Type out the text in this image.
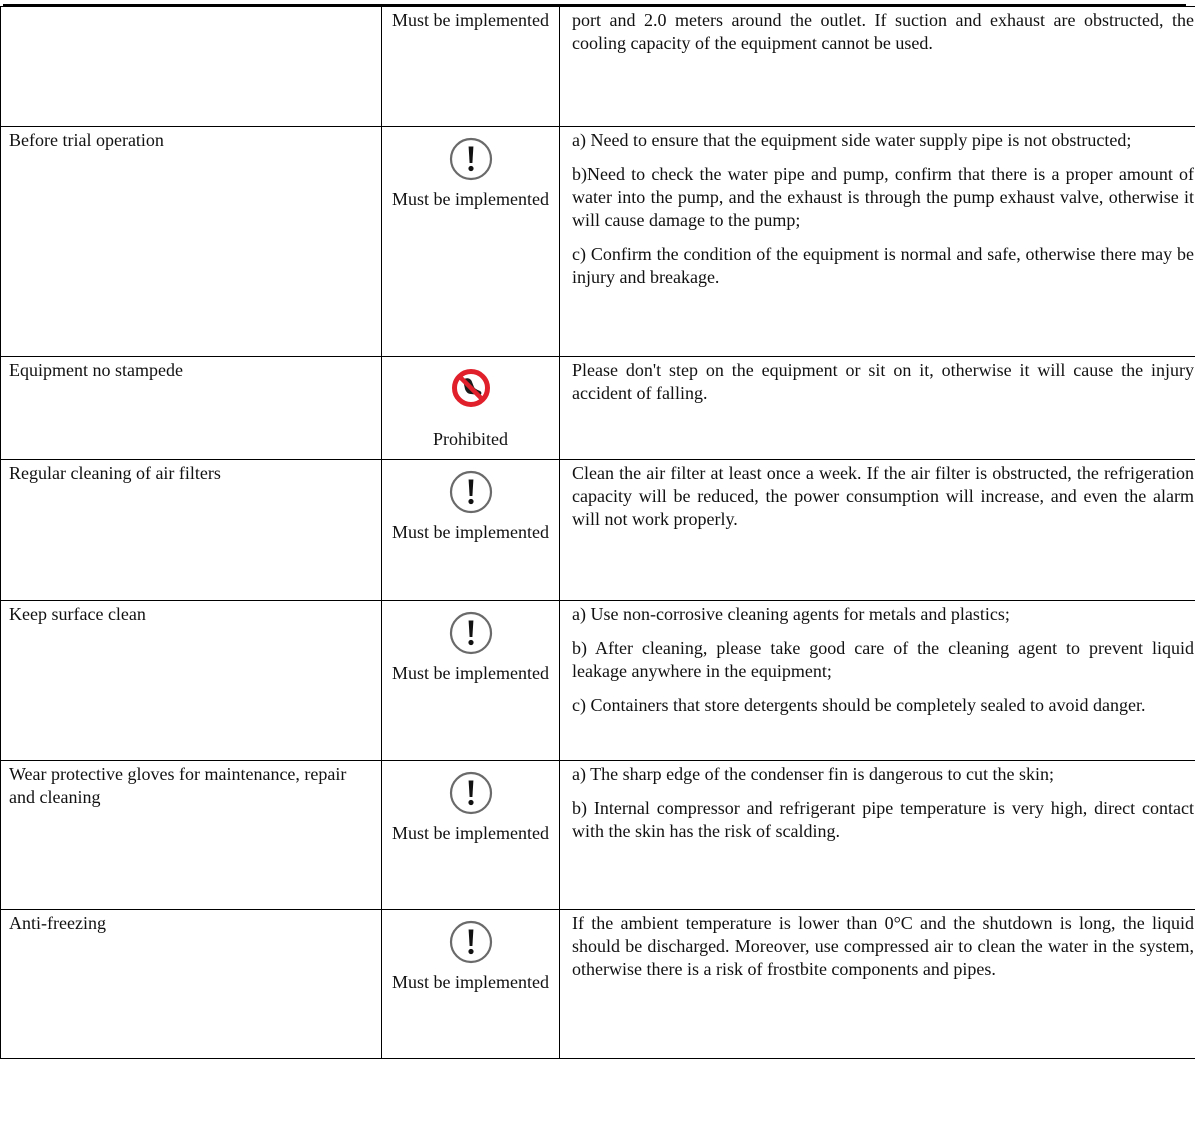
	Must be implemented	port and 2.0 meters around the outlet. If suction and exhaust are obstructed, the cooling capacity of the equipment cannot be used.

Before trial operation	Must be implemented	a) Need to ensure that the equipment side water supply pipe is not obstructed;

b)Need to check the water pipe and pump, confirm that there is a proper amount of water into the pump, and the exhaust is through the pump exhaust valve, otherwise it will cause damage to the pump;

c) Confirm the condition of the equipment is normal and safe, otherwise there may be injury and breakage.

Equipment no stampede	Prohibited	Please don't step on the equipment or sit on it, otherwise it will cause the injury accident of falling.

Regular cleaning of air filters	Must be implemented	Clean the air filter at least once a week. If the air filter is obstructed, the refrigeration capacity will be reduced, the power consumption will increase, and even the alarm will not work properly.

Keep surface clean	Must be implemented	a) Use non-corrosive cleaning agents for metals and plastics;

b) After cleaning, please take good care of the cleaning agent to prevent liquid leakage anywhere in the equipment;

c) Containers that store detergents should be completely sealed to avoid danger.

Wear protective gloves for maintenance, repair and cleaning	Must be implemented	a) The sharp edge of the condenser fin is dangerous to cut the skin;

b) Internal compressor and refrigerant pipe temperature is very high, direct contact with the skin has the risk of scalding.

Anti-freezing	Must be implemented	If the ambient temperature is lower than 0°C and the shutdown is long, the liquid should be discharged. Moreover, use compressed air to clean the water in the system, otherwise there is a risk of frostbite components and pipes.
